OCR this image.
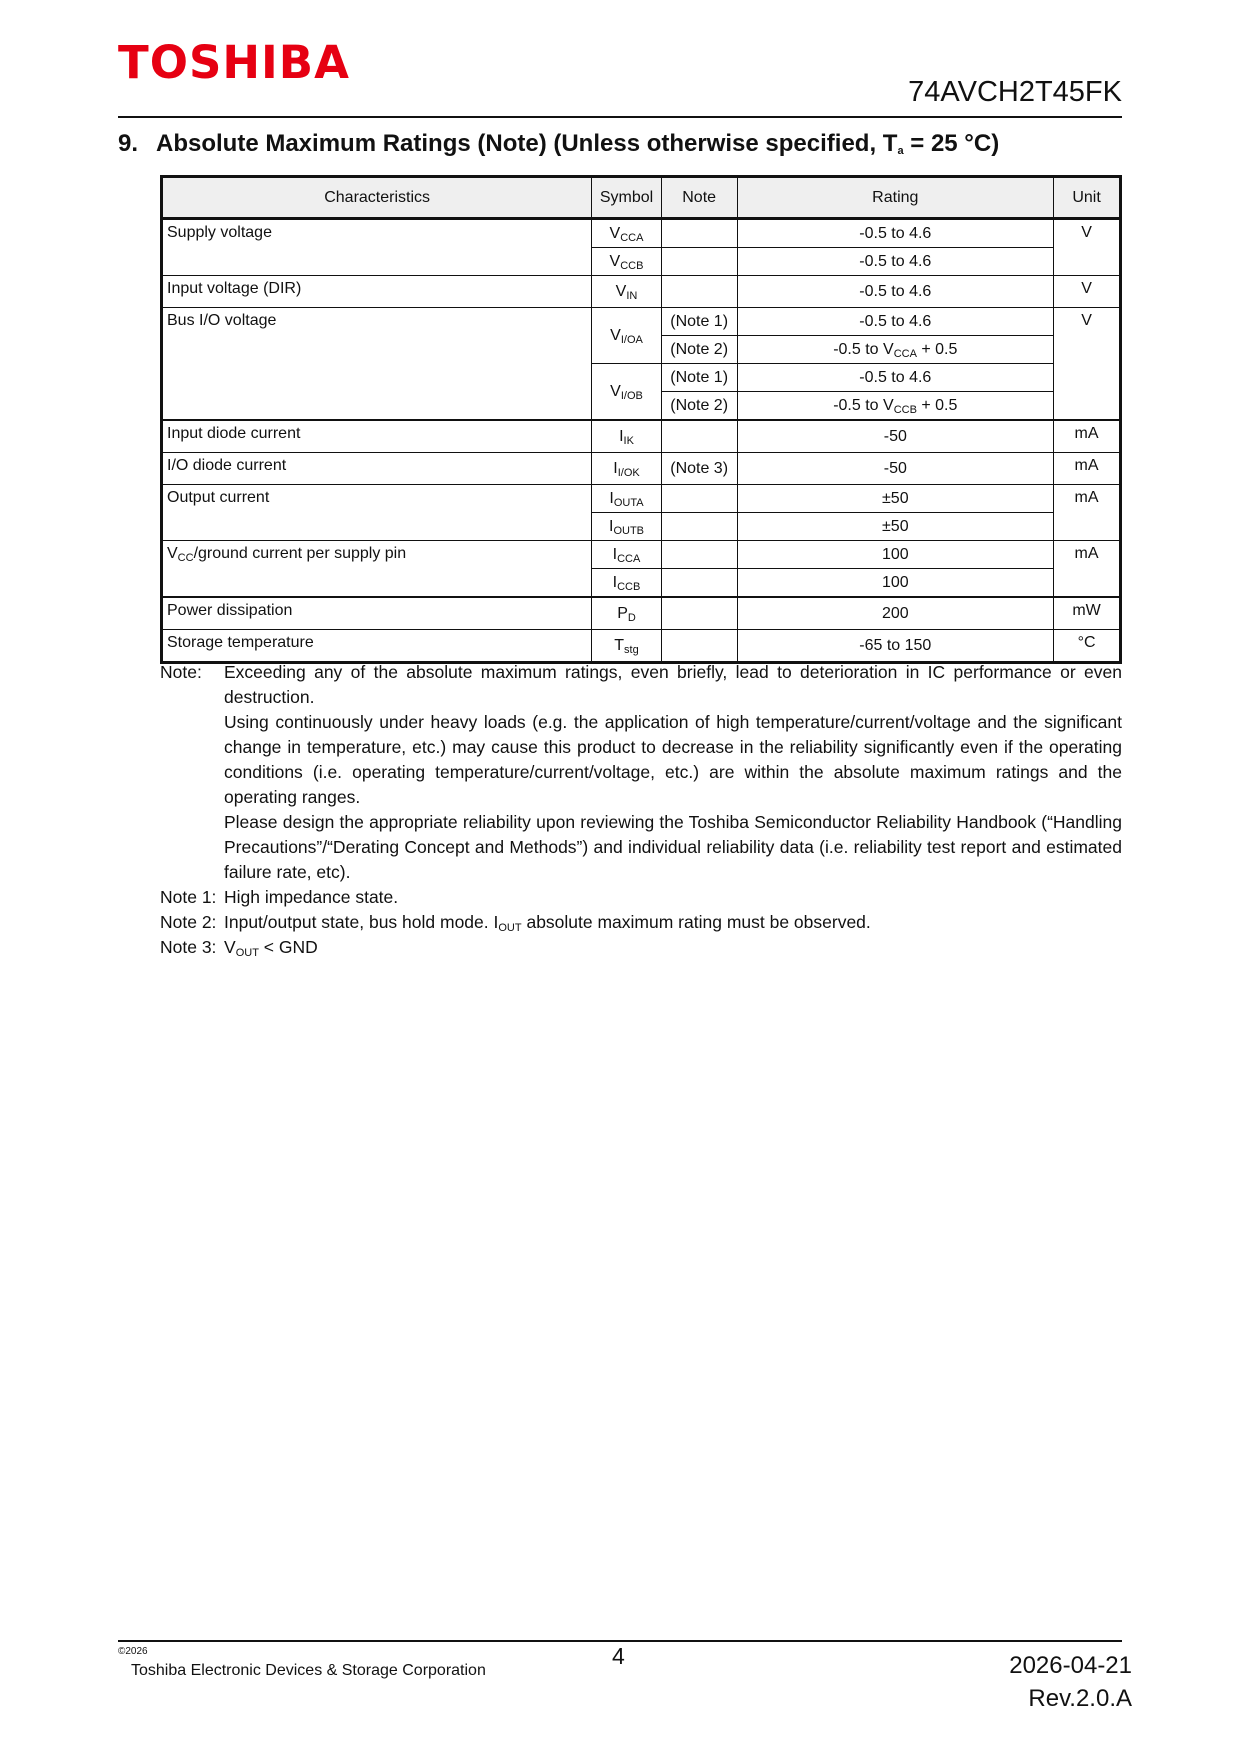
TOSHIBA
74AVCH2T45FK
9. Absolute Maximum Ratings (Note) (Unless otherwise specified, $T_a = 25$ °C)
Characteristics	Symbol	Note	Rating	Unit
Supply voltage	$V_{CCA}$		-0.5 to 4.6	V
	$V_{CCB}$		-0.5 to 4.6	
Input voltage (DIR)	$V_{IN}$		-0.5 to 4.6	V
Bus I/O voltage	$V_{I/OA}$	(Note 1)	-0.5 to 4.6	V
		(Note 2)	-0.5 to $V_{CCA} + 0.5$	
	$V_{I/OB}$	(Note 1)	-0.5 to 4.6	
		(Note 2)	-0.5 to $V_{CCB} + 0.5$	
Input diode current	$I_{IK}$		-50	mA
I/O diode current	$I_{I/OK}$	(Note 3)	-50	mA
Output current	$I_{OUTA}$		±50	mA
	$I_{OUTB}$		±50	
$V_{CC}$/ground current per supply pin	$I_{CCA}$		100	mA
	$I_{CCB}$		100	
Power dissipation	$P_D$		200	mW
Storage temperature	$T_{stg}$		-65 to 150	°C
Note:	Exceeding any of the absolute maximum ratings, even briefly, lead to deterioration in IC performance or even destruction.

Using continuously under heavy loads (e.g. the application of high temperature/current/voltage and the significant change in temperature, etc.) may cause this product to decrease in the reliability significantly even if the operating conditions (i.e. operating temperature/current/voltage, etc.) are within the absolute maximum ratings and the operating ranges.

Please design the appropriate reliability upon reviewing the Toshiba Semiconductor Reliability Handbook (“Handling Precautions”/“Derating Concept and Methods”) and individual reliability data (i.e. reliability test report and estimated failure rate, etc).

Note 1: High impedance state.
Note 2: Input/output state, bus hold mode. $I_{OUT}$ absolute maximum rating must be observed.
Note 3: $V_{OUT}$ < GND
©2026
Toshiba Electronic Devices & Storage Corporation
4	2026-04-21
Rev.2.0.A
